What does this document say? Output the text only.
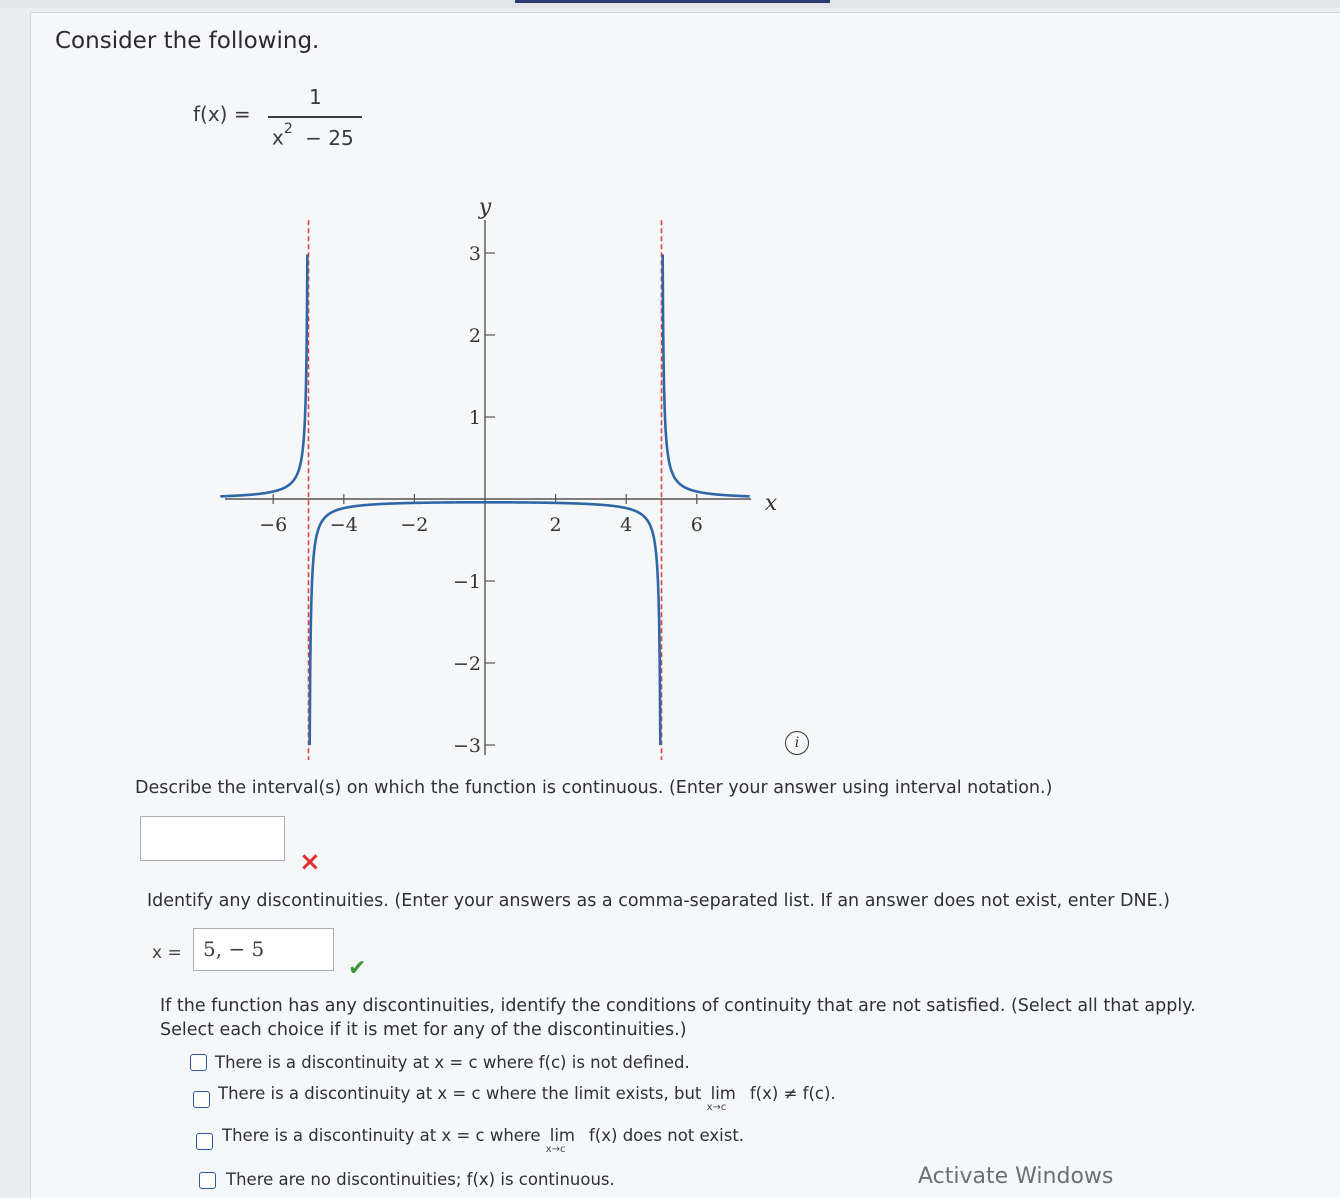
Consider the following.
f(x) =
1
$x^2 - 25$
−6 −4 −2	2	4	6
−3
−2
−1
1
2
3
y
x
i
Describe the interval(s) on which the function is continuous. (Enter your answer using interval notation.)
×
Identify any discontinuities. (Enter your answers as a comma-separated list. If an answer does not exist, enter DNE.)
x = 5, − 5
✔
If the function has any discontinuities, identify the conditions of continuity that are not satisfied. (Select all that apply.
Select each choice if it is met for any of the discontinuities.)
There is a discontinuity at x = c where f(c) is not defined.
There is a discontinuity at x = c where the limit exists, but lim
x→c
f(x) ≠ f(c).
There is a discontinuity at x = c where lim
x→c
f(x) does not exist.
There are no discontinuities; f(x) is continuous.	Activate Windows
